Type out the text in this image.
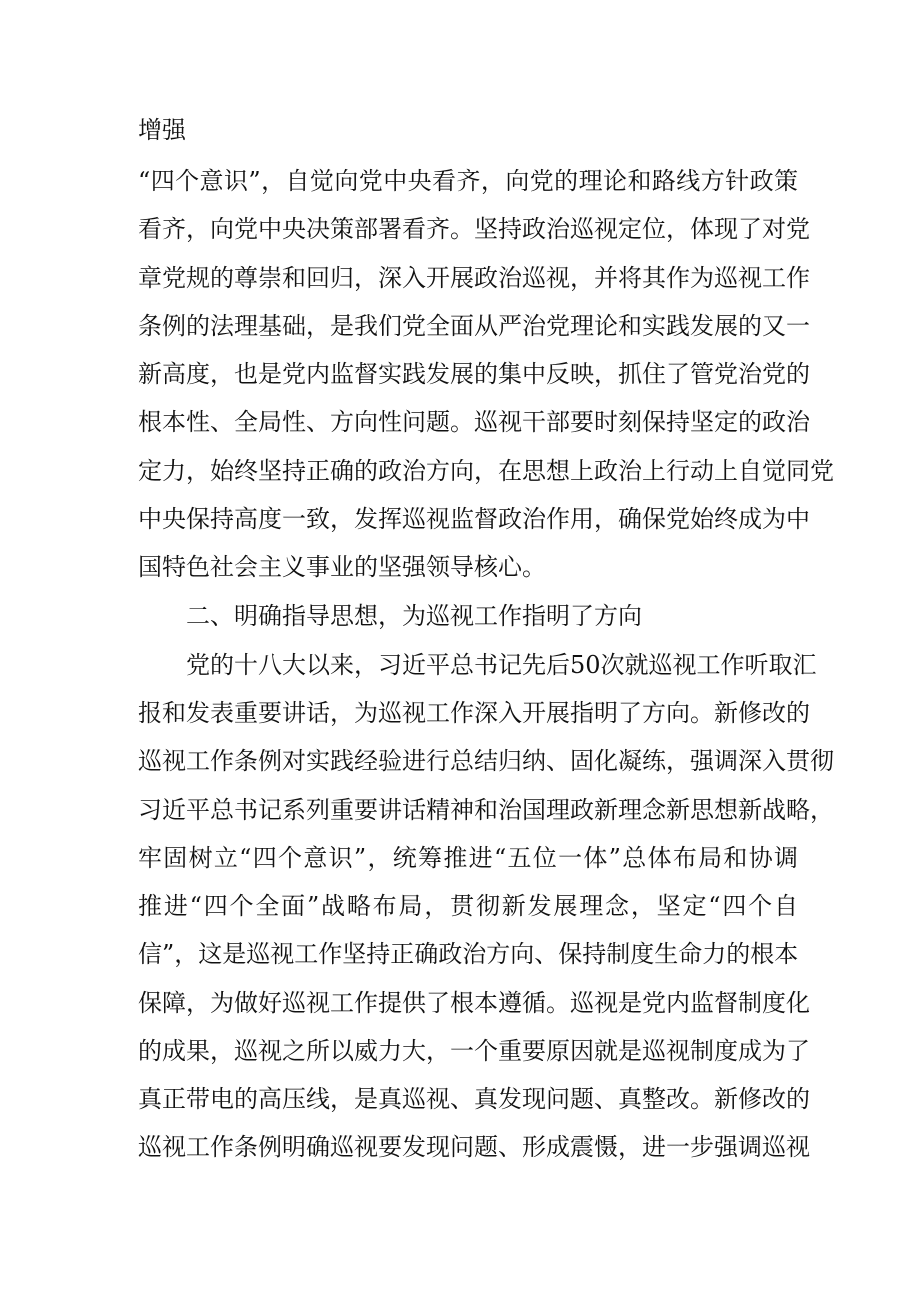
增强
“四个意识”，自觉向党中央看齐，向党的理论和路线方针政策
看齐，向党中央决策部署看齐。坚持政治巡视定位，体现了对党
章党规的尊崇和回归，深入开展政治巡视，并将其作为巡视工作
条例的法理基础，是我们党全面从严治党理论和实践发展的又一
新高度，也是党内监督实践发展的集中反映，抓住了管党治党的
根本性、全局性、方向性问题。巡视干部要时刻保持坚定的政治
定力，始终坚持正确的政治方向，在思想上政治上行动上自觉同党
中央保持高度一致，发挥巡视监督政治作用，确保党始终成为中
国特色社会主义事业的坚强领导核心。
二、明确指导思想，为巡视工作指明了方向
党的十八大以来，习近平总书记先后50次就巡视工作听取汇
报和发表重要讲话，为巡视工作深入开展指明了方向。新修改的
巡视工作条例对实践经验进行总结归纳、固化凝练，强调深入贯彻
习近平总书记系列重要讲话精神和治国理政新理念新思想新战略，
牢固树立“四个意识”，统筹推进“五位一体”总体布局和协调
推进“四个全面”战略布局，贯彻新发展理念，坚定“四个自
信”，这是巡视工作坚持正确政治方向、保持制度生命力的根本
保障，为做好巡视工作提供了根本遵循。巡视是党内监督制度化
的成果，巡视之所以威力大，一个重要原因就是巡视制度成为了
真正带电的高压线，是真巡视、真发现问题、真整改。新修改的
巡视工作条例明确巡视要发现问题、形成震慑，进一步强调巡视
